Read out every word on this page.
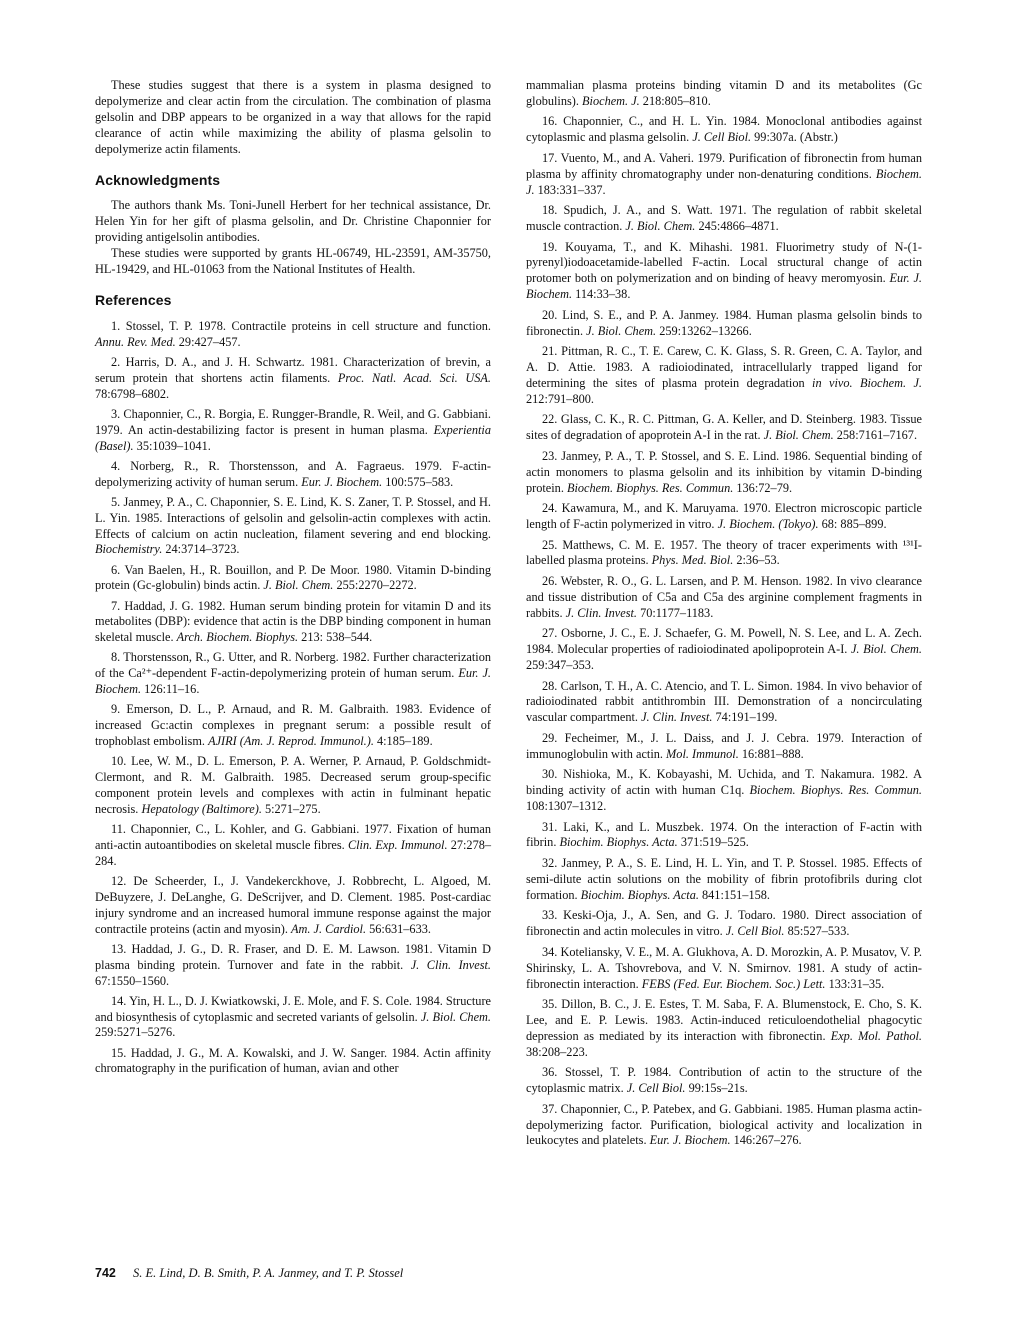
These studies suggest that there is a system in plasma designed to depolymerize and clear actin from the circulation. The combination of plasma gelsolin and DBP appears to be organized in a way that allows for the rapid clearance of actin while maximizing the ability of plasma gelsolin to depolymerize actin filaments.

Acknowledgments

The authors thank Ms. Toni-Junell Herbert for her technical assistance, Dr. Helen Yin for her gift of plasma gelsolin, and Dr. Christine Chaponnier for providing antigelsolin antibodies.

These studies were supported by grants HL-06749, HL-23591, AM-35750, HL-19429, and HL-01063 from the National Institutes of Health.

References
1. Stossel, T. P. 1978. Contractile proteins in cell structure and function. Annu. Rev. Med. 29:427–457.
2. Harris, D. A., and J. H. Schwartz. 1981. Characterization of brevin, a serum protein that shortens actin filaments. Proc. Natl. Acad. Sci. USA. 78:6798–6802.
3. Chaponnier, C., R. Borgia, E. Rungger-Brandle, R. Weil, and G. Gabbiani. 1979. An actin-destabilizing factor is present in human plasma. Experientia (Basel). 35:1039–1041.
4. Norberg, R., R. Thorstensson, and A. Fagraeus. 1979. F-actin-depolymerizing activity of human serum. Eur. J. Biochem. 100:575–583.
5. Janmey, P. A., C. Chaponnier, S. E. Lind, K. S. Zaner, T. P. Stossel, and H. L. Yin. 1985. Interactions of gelsolin and gelsolin-actin complexes with actin. Effects of calcium on actin nucleation, filament severing and end blocking. Biochemistry. 24:3714–3723.
6. Van Baelen, H., R. Bouillon, and P. De Moor. 1980. Vitamin D-binding protein (Gc-globulin) binds actin. J. Biol. Chem. 255:2270–2272.
7. Haddad, J. G. 1982. Human serum binding protein for vitamin D and its metabolites (DBP): evidence that actin is the DBP binding component in human skeletal muscle. Arch. Biochem. Biophys. 213: 538–544.
8. Thorstensson, R., G. Utter, and R. Norberg. 1982. Further characterization of the Ca²⁺-dependent F-actin-depolymerizing protein of human serum. Eur. J. Biochem. 126:11–16.
9. Emerson, D. L., P. Arnaud, and R. M. Galbraith. 1983. Evidence of increased Gc:actin complexes in pregnant serum: a possible result of trophoblast embolism. AJIRI (Am. J. Reprod. Immunol.). 4:185–189.
10. Lee, W. M., D. L. Emerson, P. A. Werner, P. Arnaud, P. Goldschmidt-Clermont, and R. M. Galbraith. 1985. Decreased serum group-specific component protein levels and complexes with actin in fulminant hepatic necrosis. Hepatology (Baltimore). 5:271–275.
11. Chaponnier, C., L. Kohler, and G. Gabbiani. 1977. Fixation of human anti-actin autoantibodies on skeletal muscle fibres. Clin. Exp. Immunol. 27:278–284.
12. De Scheerder, I., J. Vandekerckhove, J. Robbrecht, L. Algoed, M. DeBuyzere, J. DeLanghe, G. DeScrijver, and D. Clement. 1985. Post-cardiac injury syndrome and an increased humoral immune response against the major contractile proteins (actin and myosin). Am. J. Cardiol. 56:631–633.
13. Haddad, J. G., D. R. Fraser, and D. E. M. Lawson. 1981. Vitamin D plasma binding protein. Turnover and fate in the rabbit. J. Clin. Invest. 67:1550–1560.
14. Yin, H. L., D. J. Kwiatkowski, J. E. Mole, and F. S. Cole. 1984. Structure and biosynthesis of cytoplasmic and secreted variants of gelsolin. J. Biol. Chem. 259:5271–5276.
15. Haddad, J. G., M. A. Kowalski, and J. W. Sanger. 1984. Actin affinity chromatography in the purification of human, avian and other
mammalian plasma proteins binding vitamin D and its metabolites (Gc globulins). Biochem. J. 218:805–810.
16. Chaponnier, C., and H. L. Yin. 1984. Monoclonal antibodies against cytoplasmic and plasma gelsolin. J. Cell Biol. 99:307a. (Abstr.)
17. Vuento, M., and A. Vaheri. 1979. Purification of fibronectin from human plasma by affinity chromatography under non-denaturing conditions. Biochem. J. 183:331–337.
18. Spudich, J. A., and S. Watt. 1971. The regulation of rabbit skeletal muscle contraction. J. Biol. Chem. 245:4866–4871.
19. Kouyama, T., and K. Mihashi. 1981. Fluorimetry study of N-(1-pyrenyl)iodoacetamide-labelled F-actin. Local structural change of actin protomer both on polymerization and on binding of heavy meromyosin. Eur. J. Biochem. 114:33–38.
20. Lind, S. E., and P. A. Janmey. 1984. Human plasma gelsolin binds to fibronectin. J. Biol. Chem. 259:13262–13266.
21. Pittman, R. C., T. E. Carew, C. K. Glass, S. R. Green, C. A. Taylor, and A. D. Attie. 1983. A radioiodinated, intracellularly trapped ligand for determining the sites of plasma protein degradation in vivo. Biochem. J. 212:791–800.
22. Glass, C. K., R. C. Pittman, G. A. Keller, and D. Steinberg. 1983. Tissue sites of degradation of apoprotein A-I in the rat. J. Biol. Chem. 258:7161–7167.
23. Janmey, P. A., T. P. Stossel, and S. E. Lind. 1986. Sequential binding of actin monomers to plasma gelsolin and its inhibition by vitamin D-binding protein. Biochem. Biophys. Res. Commun. 136:72–79.
24. Kawamura, M., and K. Maruyama. 1970. Electron microscopic particle length of F-actin polymerized in vitro. J. Biochem. (Tokyo). 68: 885–899.
25. Matthews, C. M. E. 1957. The theory of tracer experiments with ¹³¹I-labelled plasma proteins. Phys. Med. Biol. 2:36–53.
26. Webster, R. O., G. L. Larsen, and P. M. Henson. 1982. In vivo clearance and tissue distribution of C5a and C5a des arginine complement fragments in rabbits. J. Clin. Invest. 70:1177–1183.
27. Osborne, J. C., E. J. Schaefer, G. M. Powell, N. S. Lee, and L. A. Zech. 1984. Molecular properties of radioiodinated apolipoprotein A-I. J. Biol. Chem. 259:347–353.
28. Carlson, T. H., A. C. Atencio, and T. L. Simon. 1984. In vivo behavior of radioiodinated rabbit antithrombin III. Demonstration of a noncirculating vascular compartment. J. Clin. Invest. 74:191–199.
29. Fecheimer, M., J. L. Daiss, and J. J. Cebra. 1979. Interaction of immunoglobulin with actin. Mol. Immunol. 16:881–888.
30. Nishioka, M., K. Kobayashi, M. Uchida, and T. Nakamura. 1982. A binding activity of actin with human C1q. Biochem. Biophys. Res. Commun. 108:1307–1312.
31. Laki, K., and L. Muszbek. 1974. On the interaction of F-actin with fibrin. Biochim. Biophys. Acta. 371:519–525.
32. Janmey, P. A., S. E. Lind, H. L. Yin, and T. P. Stossel. 1985. Effects of semi-dilute actin solutions on the mobility of fibrin protofibrils during clot formation. Biochim. Biophys. Acta. 841:151–158.
33. Keski-Oja, J., A. Sen, and G. J. Todaro. 1980. Direct association of fibronectin and actin molecules in vitro. J. Cell Biol. 85:527–533.
34. Koteliansky, V. E., M. A. Glukhova, A. D. Morozkin, A. P. Musatov, V. P. Shirinsky, L. A. Tshovrebova, and V. N. Smirnov. 1981. A study of actin-fibronectin interaction. FEBS (Fed. Eur. Biochem. Soc.) Lett. 133:31–35.
35. Dillon, B. C., J. E. Estes, T. M. Saba, F. A. Blumenstock, E. Cho, S. K. Lee, and E. P. Lewis. 1983. Actin-induced reticuloendothelial phagocytic depression as mediated by its interaction with fibronectin. Exp. Mol. Pathol. 38:208–223.
36. Stossel, T. P. 1984. Contribution of actin to the structure of the cytoplasmic matrix. J. Cell Biol. 99:15s–21s.
37. Chaponnier, C., P. Patebex, and G. Gabbiani. 1985. Human plasma actin-depolymerizing factor. Purification, biological activity and localization in leukocytes and platelets. Eur. J. Biochem. 146:267–276.
742 S. E. Lind, D. B. Smith, P. A. Janmey, and T. P. Stossel
